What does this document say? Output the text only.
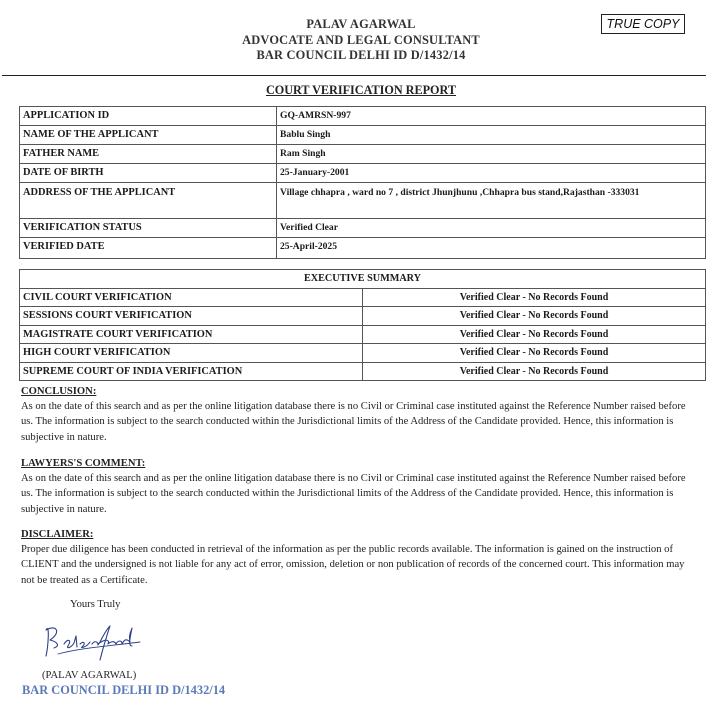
PALAV AGARWAL
ADVOCATE AND LEGAL CONSULTANT
BAR COUNCIL DELHI ID D/1432/14
TRUE COPY
COURT VERIFICATION REPORT
APPLICATION ID	GQ-AMRSN-997
NAME OF THE APPLICANT	Bablu Singh
FATHER NAME	Ram Singh
DATE OF BIRTH	25-January-2001
ADDRESS OF THE APPLICANT	Village chhapra , ward no 7 , district Jhunjhunu ,Chhapra bus stand,Rajasthan -333031
VERIFICATION STATUS	Verified Clear
VERIFIED DATE	25-April-2025
EXECUTIVE SUMMARY	
CIVIL COURT VERIFICATION	Verified Clear - No Records Found
SESSIONS COURT VERIFICATION	Verified Clear - No Records Found
MAGISTRATE COURT VERIFICATION	Verified Clear - No Records Found
HIGH COURT VERIFICATION	Verified Clear - No Records Found
SUPREME COURT OF INDIA VERIFICATION	Verified Clear - No Records Found
CONCLUSION:
As on the date of this search and as per the online litigation database there is no Civil or Criminal case instituted against the Reference Number raised before us. The information is subject to the search conducted within the Jurisdictional limits of the Address of the Candidate provided. Hence, this information is subjective in nature.
LAWYERS'S COMMENT:
As on the date of this search and as per the online litigation database there is no Civil or Criminal case instituted against the Reference Number raised before us. The information is subject to the search conducted within the Jurisdictional limits of the Address of the Candidate provided. Hence, this information is subjective in nature.
DISCLAIMER:
Proper due diligence has been conducted in retrieval of the information as per the public records available. The information is gained on the instruction of CLIENT and the undersigned is not liable for any act of error, omission, deletion or non publication of records of the concerned court. This information may not be treated as a Certificate.
Yours Truly
(PALAV AGARWAL)
BAR COUNCIL DELHI ID D/1432/14
